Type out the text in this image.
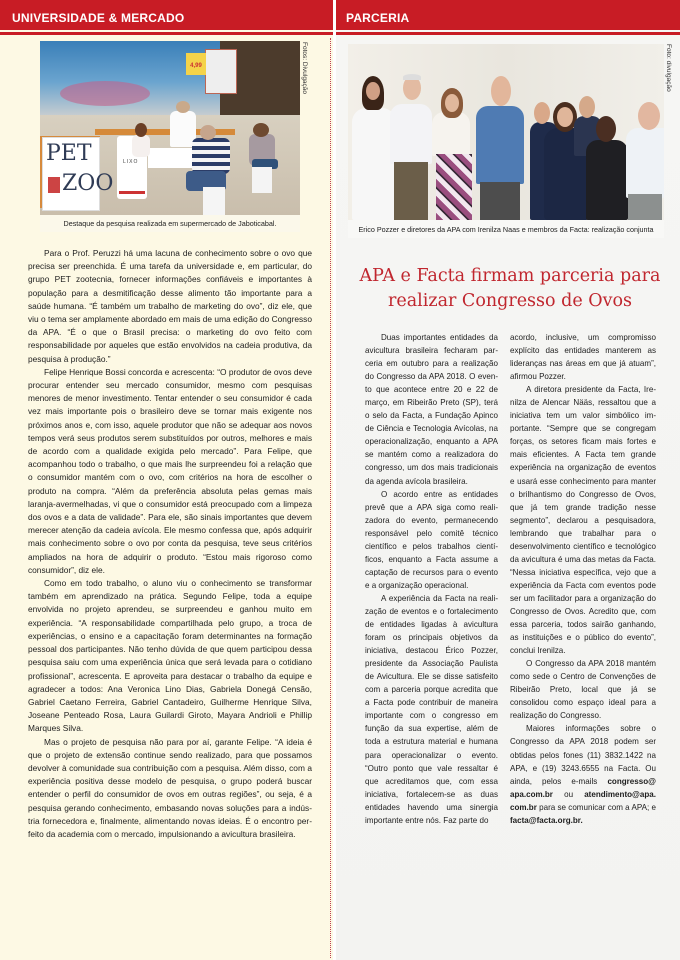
UNIVERSIDADE & MERCADO	PARCERIA
4,99
PET
ZOO
LIXO
Fotos: Divulgação
Destaque da pesquisa realizada em supermercado de Jaboticabal.
Foto: divulgação
Erico Pozzer e diretores da APA com Irenilza Naas e membros da Facta: realização conjunta

Para o Prof. Peruzzi há uma lacuna de conhecimento sobre o ovo que precisa ser preenchida. É uma tarefa da universidade e, em particular, do grupo PET zootecnia, fornecer informações confiáveis e importantes à população para a desmitificação desse alimento tão importante para a saúde humana. “É também um trabalho de marketing do ovo”, diz ele, que viu o tema ser amplamente abordado em mais de uma edição do Congresso da APA. “É o que o Brasil precisa: o marketing do ovo feito com responsabilidade por aqueles que estão envolvidos na cadeia produtiva, da pesquisa à produção.”

Felipe Henrique Bossi concorda e acrescenta: “O produtor de ovos deve procurar entender seu mercado consumidor, mesmo com pesquisas menores de menor investimento. Tentar entender o seu consumidor é cada vez mais importante pois o brasileiro deve se tornar mais exigente nos próximos anos e, com isso, aquele produtor que não se adequar aos novos tempos verá seus produtos serem substituídos por outros, melhores e mais de acordo com a qualidade exigida pelo mercado”. Para Felipe, que acompanhou todo o trabalho, o que mais lhe surpreendeu foi a relação que o consumidor mantém com o ovo, com critérios na hora de escolher o produto na compra. “Além da preferência absoluta pelas gemas mais laranja-avermelhadas, vi que o consumidor está preocupado com a limpeza dos ovos e a data de validade”. Para ele, são sinais importantes que devem merecer atenção da cadeia avícola. Ele mesmo confessa que, após adquirir mais conhecimento sobre o ovo por conta da pesquisa, teve seus critérios ampliados na hora de adquirir o produto. “Estou mais rigoroso como consumidor”, diz ele.

Como em todo trabalho, o aluno viu o conhecimento se transformar também em aprendizado na prática. Segundo Felipe, toda a equipe envolvida no projeto aprendeu, se surpreendeu e ganhou muito em experiência. “A responsabilidade compartilhada pelo grupo, a troca de experiências, o ensino e a capacitação foram determinantes na formação pessoal dos participantes. Não tenho dúvida de que quem participou dessa pesquisa saiu com uma experiência única que será levada para o cotidiano profissional”, acrescenta. E aproveita para destacar o trabalho da equipe e agradecer a todos: Ana Veronica Lino Dias, Gabriela Donegá Censão, Gabriel Caetano Ferreira, Gabriel Cantadeiro, Guilherme Henrique Silva, Joseane Penteado Rosa, Laura Guilardi Giroto, Mayara Andrioli e Phillip Marques Silva.

Mas o projeto de pesquisa não para por aí, garante Felipe. “A ideia é que o projeto de extensão continue sendo realizado, para que possamos devolver à comunidade sua contribuição com a pesquisa. Além disso, com a experiência positiva desse modelo de pesquisa, o grupo poderá buscar entender o perfil do consumidor de ovos em outras regiões”, ou seja, é a pesquisa gerando conhecimento, embasando novas soluções para a indústria fornecedora e, finalmente, alimentando novas ideias. É o encontro perfeito da academia com o mercado, impulsionando a avicultura brasileira.

APA e Facta firmam parceria para
realizar Congresso de Ovos

Duas importantes entidades da avicultura brasileira fecharam parceria em outubro para a realização do Congresso da APA 2018. O evento que acontece entre 20 e 22 de março, em Ribeirão Preto (SP), terá o selo da Facta, a Fundação Apinco de Ciência e Tecnologia Avícolas, na operacionalização, enquanto a APA se mantém como a realizadora do congresso, um dos mais tradicionais da agenda avícola brasileira.

O acordo entre as entidades prevê que a APA siga como realizadora do evento, permanecendo responsável pelo comitê técnico científico e pelos trabalhos científicos, enquanto a Facta assume a captação de recursos para o evento e a organização operacional.

A experiência da Facta na realização de eventos e o fortalecimento de entidades ligadas à avicultura foram os principais objetivos da iniciativa, destacou Érico Pozzer, presidente da Associação Paulista de Avicultura. Ele se disse satisfeito com a parceria porque acredita que a Facta pode contribuir de maneira importante com o congresso em função da sua expertise, além de toda a estrutura material e humana para operacionalizar o evento. “Outro ponto que vale ressaltar é que acreditamos que, com essa iniciativa, fortalecem-se as duas entidades havendo uma sinergia importante entre nós. Faz parte do

acordo, inclusive, um compromisso explícito das entidades manterem as lideranças nas áreas em que já atuam”, afirmou Pozzer.

A diretora presidente da Facta, Irenilza de Alencar Nääs, ressaltou que a iniciativa tem um valor simbólico importante. “Sempre que se congregam forças, os setores ficam mais fortes e mais eficientes. A Facta tem grande experiência na organização de eventos e usará esse conhecimento para manter o brilhantismo do Congresso de Ovos, que já tem grande tradição nesse segmento”, declarou a pesquisadora, lembrando que trabalhar para o desenvolvimento científico e tecnológico da avicultura é uma das metas da Facta. “Nessa iniciativa específica, vejo que a experiência da Facta com eventos pode ser um facilitador para a organização do Congresso de Ovos. Acredito que, com essa parceria, todos sairão ganhando, as instituições e o público do evento”, conclui Irenilza.

O Congresso da APA 2018 mantém como sede o Centro de Convenções de Ribeirão Preto, local que já se consolidou como espaço ideal para a realização do Congresso.

Maiores informações sobre o Congresso da APA 2018 podem ser obtidas pelos fones (11) 3832.1422 na APA, e (19) 3243.6555 na Facta. Ou ainda, pelos e-mails congresso@ apa.com.br ou atendimento@apa. com.br para se comunicar com a APA; e facta@facta.org.br.
